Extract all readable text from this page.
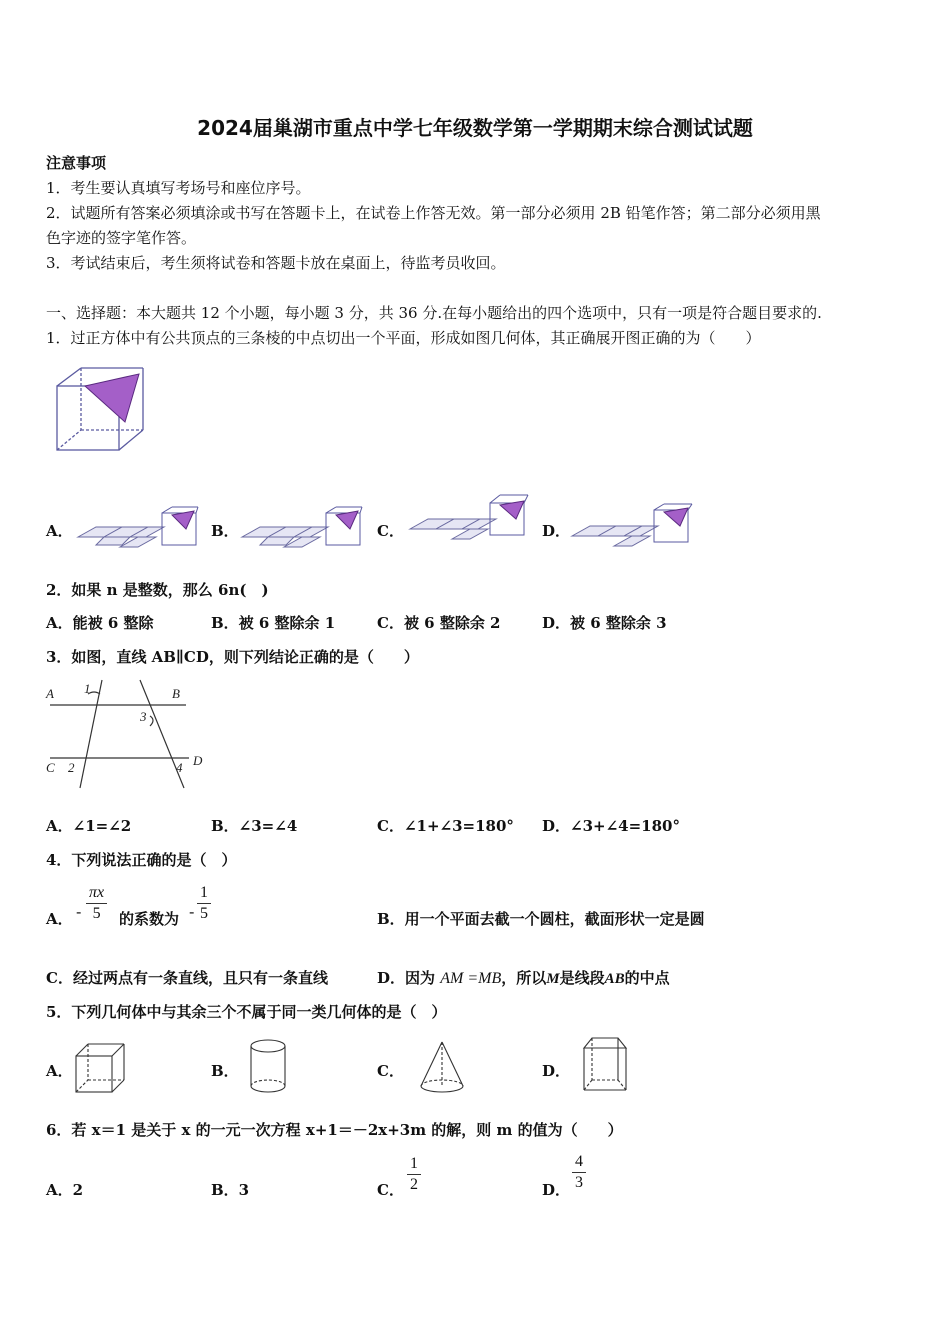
2024届巢湖市重点中学七年级数学第一学期期末综合测试试题
注意事项
1．考生要认真填写考场号和座位序号。
2．试题所有答案必须填涂或书写在答题卡上，在试卷上作答无效。第一部分必须用 2B 铅笔作答；第二部分必须用黑
色字迹的签字笔作答。
3．考试结束后，考生须将试卷和答题卡放在桌面上，待监考员收回。
一、选择题：本大题共 12 个小题，每小题 3 分，共 36 分.在每小题给出的四个选项中，只有一项是符合题目要求的.
1．过正方体中有公共顶点的三条棱的中点切出一个平面，形成如图几何体，其正确展开图正确的为（　　）
A．	B．	C．	D．
2．如果 n 是整数，那么 6n(　)
A．能被 6 整除	B．被 6 整除余 1	C．被 6 整除余 2	D．被 6 整除余 3
3．如图，直线 AB∥CD，则下列结论正确的是（　　）
A 1	B
3
C 2	4 D
A．∠1=∠2	B．∠3=∠4	C．∠1+∠3=180° D．∠3+∠4=180°
4．下列说法正确的是（　）
A． -
πx
5	的系数为 -
1
5	B．用一个平面去截一个圆柱，截面形状一定是圆
C．经过两点有一条直线，且只有一条直线	D．因为 AM =MB，所以M是线段AB的中点
5．下列几何体中与其余三个不属于同一类几何体的是（　）
A．	B．	C．	D．
6．若 x＝1 是关于 x 的一元一次方程 x+1＝－2x+3m 的解，则 m 的值为（　　）
A．2	B．3	C．
1
2	D．
4
3
